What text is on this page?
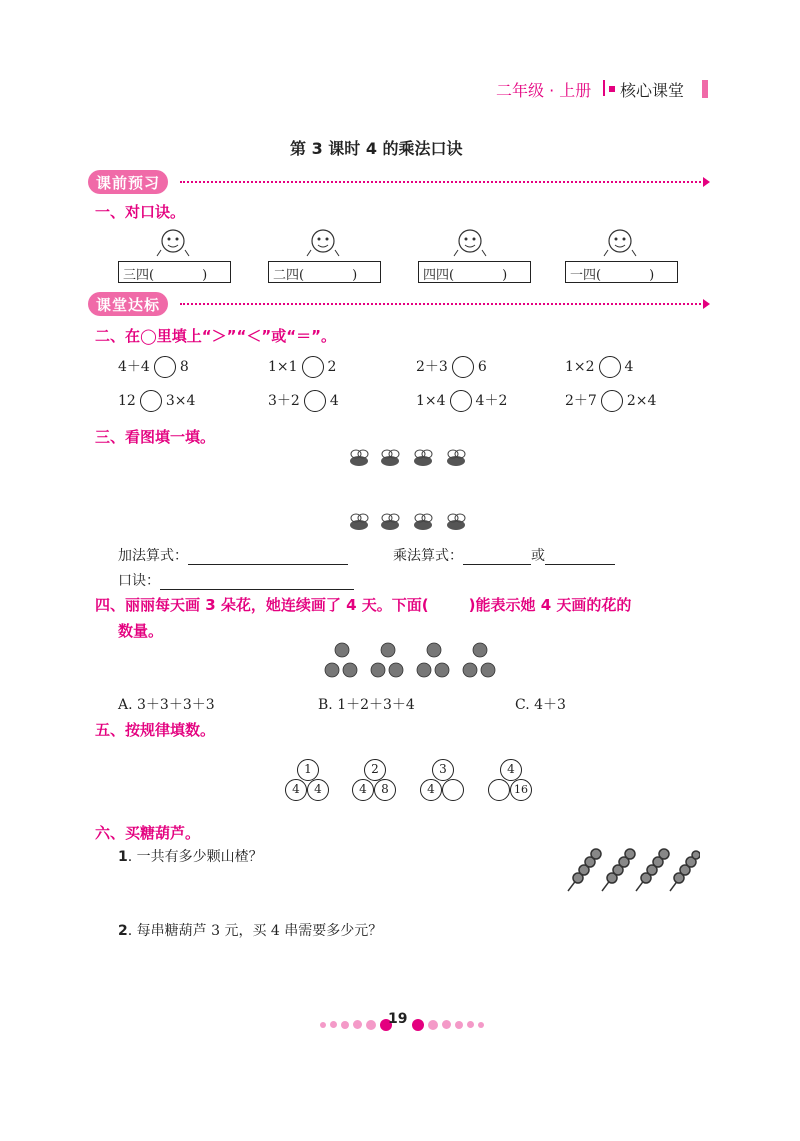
二年级 · 上册 核心课堂
第 3 课时 4 的乘法口诀
课前预习
一、对口诀。
三四(	)	二四(	)	四四(	)	一四(	)
课堂达标
二、在◯里填上“＞”“＜”或“＝”。
4＋4 8	1×1 2	2＋3 6	1×2 4
12 3×4	3＋2 4	1×4 4＋2	2＋7 2×4
三、看图填一填。
加法算式：	乘法算式：	或
口诀：
四、丽丽每天画 3 朵花，她连续画了 4 天。下面(	)能表示她 4 天画的花的
数量。
A. 3＋3＋3＋3	B. 1＋2＋3＋4	C. 4＋3
五、按规律填数。
1
4	4
2
4	8
3
4
4
16
六、买糖葫芦。
1. 一共有多少颗山楂？
2. 每串糖葫芦 3 元，买 4 串需要多少元？
19
